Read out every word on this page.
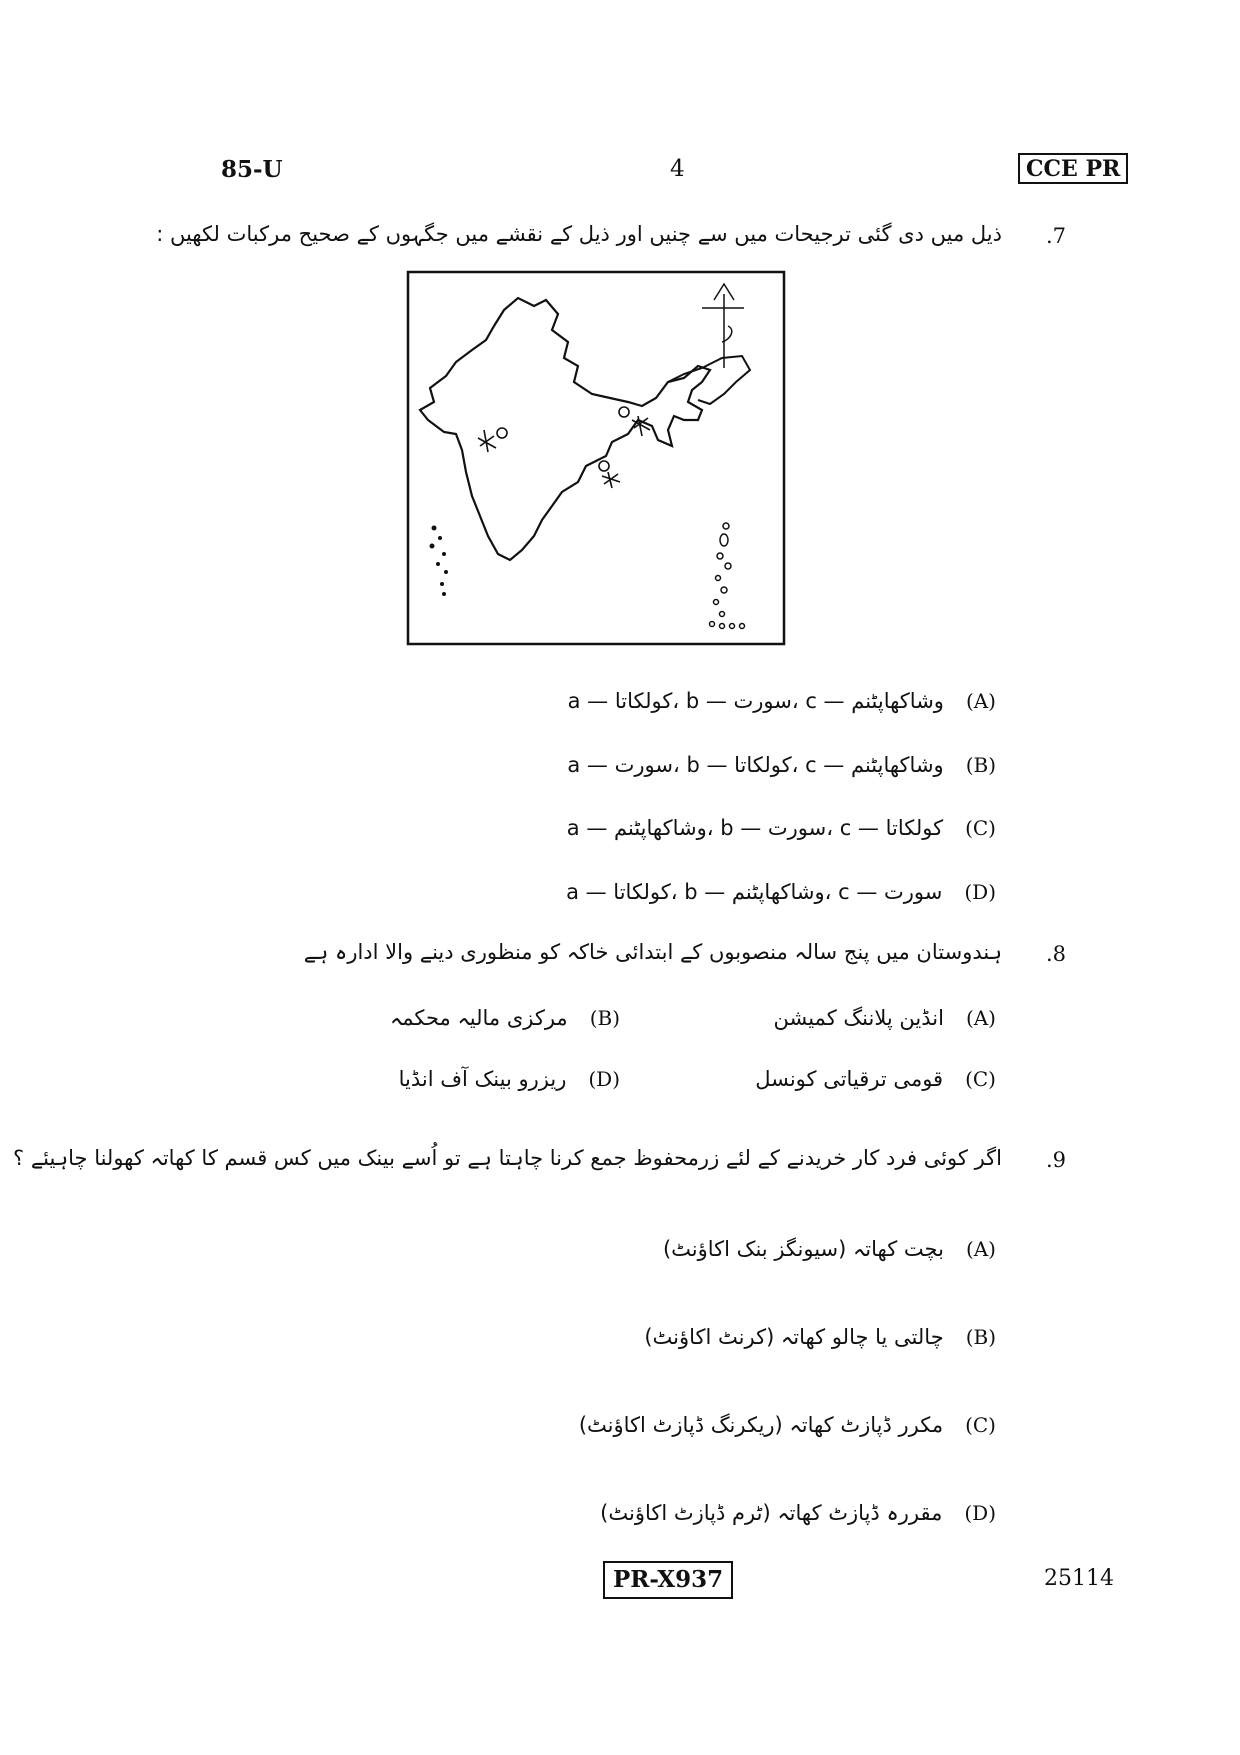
85-U	4	CCE PR
.7
ذیل میں دی گئی ترجیحات میں سے چنیں اور ذیل کے نقشے میں جگہوں کے صحیح مرکبات لکھیں :
(A)
a — کولکاتا، b — سورت، c — وشاکھاپٹنم
(B)
a — سورت، b — کولکاتا، c — وشاکھاپٹنم
(C)
a — وشاکھاپٹنم، b — سورت، c — کولکاتا
(D)
a — کولکاتا، b — وشاکھاپٹنم، c — سورت
.8
ہندوستان میں پنج سالہ منصوبوں کے ابتدائی خاکہ کو منظوری دینے والا ادارہ ہے
(A)
انڈین پلاننگ کمیشن
(B)
مرکزی مالیہ محکمہ
(C)
قومی ترقیاتی کونسل
(D)
ریزرو بینک آف انڈیا
.9
اگر کوئی فرد کار خریدنے کے لئے زرمحفوظ جمع کرنا چاہتا ہے تو اُسے بینک میں کس قسم کا کھاتہ کھولنا چاہیئے ؟
(A)
بچت کھاتہ (سیونگز بنک اکاؤنٹ)
(B)
چالتی یا چالو کھاتہ (کرنٹ اکاؤنٹ)
(C)
مکرر ڈپازٹ کھاتہ (ریکرنگ ڈپازٹ اکاؤنٹ)
(D)
مقررہ ڈپازٹ کھاتہ (ٹرم ڈپازٹ اکاؤنٹ)
PR-X937	25114
